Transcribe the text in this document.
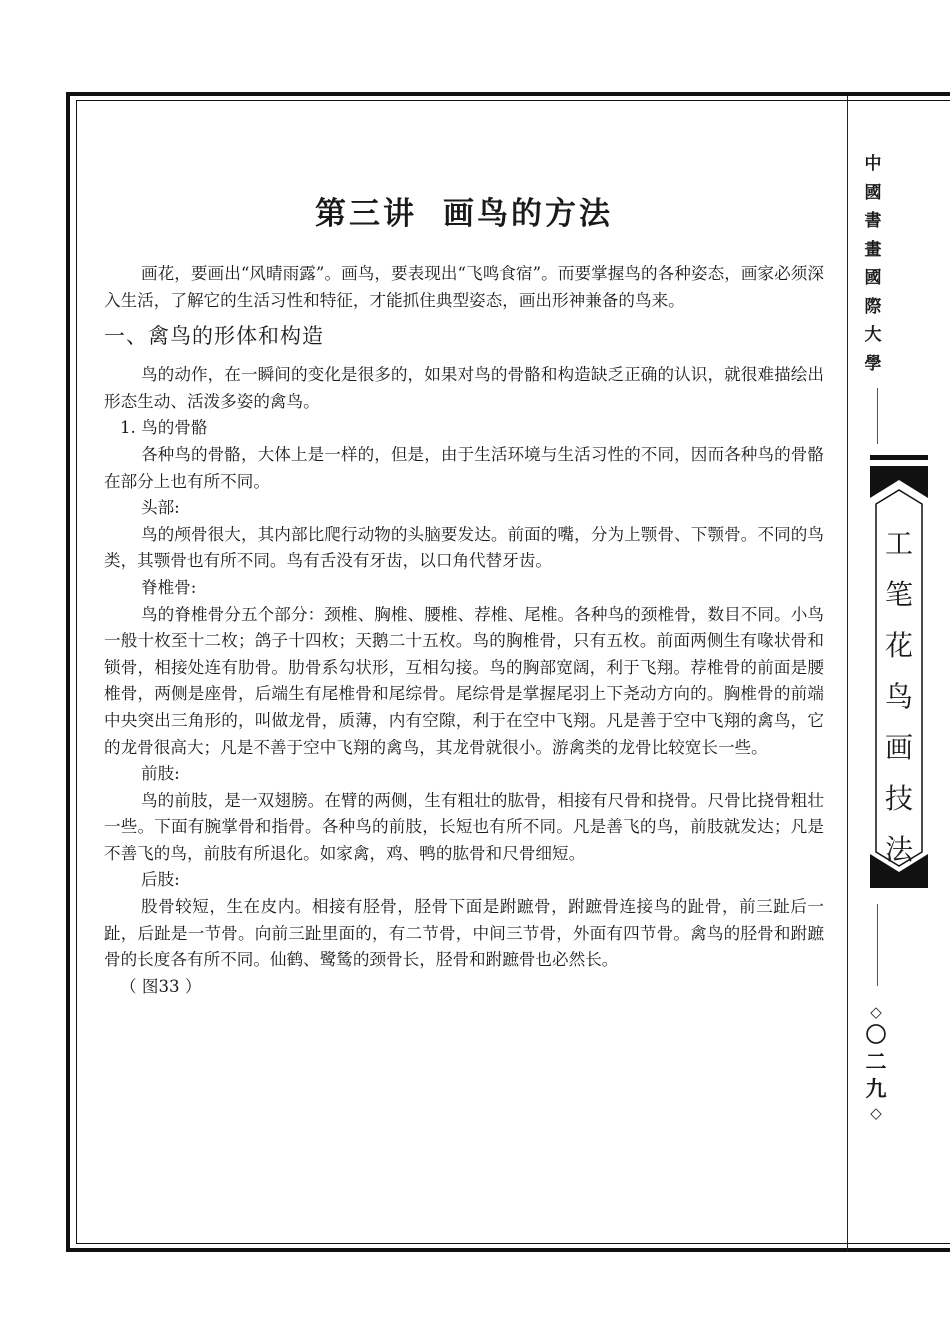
第三讲 画鸟的方法

画花，要画出“风晴雨露”。画鸟，要表现出“飞鸣食宿”。而要掌握鸟的各种姿态，画家必须深入生活，了解它的生活习性和特征，才能抓住典型姿态，画出形神兼备的鸟来。

一、禽鸟的形体和构造

鸟的动作，在一瞬间的变化是很多的，如果对鸟的骨骼和构造缺乏正确的认识，就很难描绘出形态生动、活泼多姿的禽鸟。

1. 鸟的骨骼

各种鸟的骨骼，大体上是一样的，但是，由于生活环境与生活习性的不同，因而各种鸟的骨骼在部分上也有所不同。

头部:

鸟的颅骨很大，其内部比爬行动物的头脑要发达。前面的嘴，分为上颚骨、下颚骨。不同的鸟类，其颚骨也有所不同。鸟有舌没有牙齿，以口角代替牙齿。

脊椎骨:

鸟的脊椎骨分五个部分：颈椎、胸椎、腰椎、荐椎、尾椎。各种鸟的颈椎骨，数目不同。小鸟一般十枚至十二枚；鸽子十四枚；天鹅二十五枚。鸟的胸椎骨，只有五枚。前面两侧生有喙状骨和锁骨，相接处连有肋骨。肋骨系勾状形，互相勾接。鸟的胸部宽阔，利于飞翔。荐椎骨的前面是腰椎骨，两侧是座骨，后端生有尾椎骨和尾综骨。尾综骨是掌握尾羽上下尧动方向的。胸椎骨的前端中央突出三角形的，叫做龙骨，质薄，内有空隙，利于在空中飞翔。凡是善于空中飞翔的禽鸟，它的龙骨很高大；凡是不善于空中飞翔的禽鸟，其龙骨就很小。游禽类的龙骨比较宽长一些。

前肢:

鸟的前肢，是一双翅膀。在臂的两侧，生有粗壮的肱骨，相接有尺骨和挠骨。尺骨比挠骨粗壮一些。下面有腕掌骨和指骨。各种鸟的前肢，长短也有所不同。凡是善飞的鸟，前肢就发达；凡是不善飞的鸟，前肢有所退化。如家禽，鸡、鸭的肱骨和尺骨细短。

后肢:

股骨较短，生在皮内。相接有胫骨，胫骨下面是跗蹠骨，跗蹠骨连接鸟的趾骨，前三趾后一趾，后趾是一节骨。向前三趾里面的，有二节骨，中间三节骨，外面有四节骨。禽鸟的胫骨和跗蹠骨的长度各有所不同。仙鹤、鹭鸶的颈骨长，胫骨和跗蹠骨也必然长。

（ 图33 ）

中
國
書
畫
國
際
大
學
工
笔
花
鸟
画
技
法
◇
〇
二
九
◇
